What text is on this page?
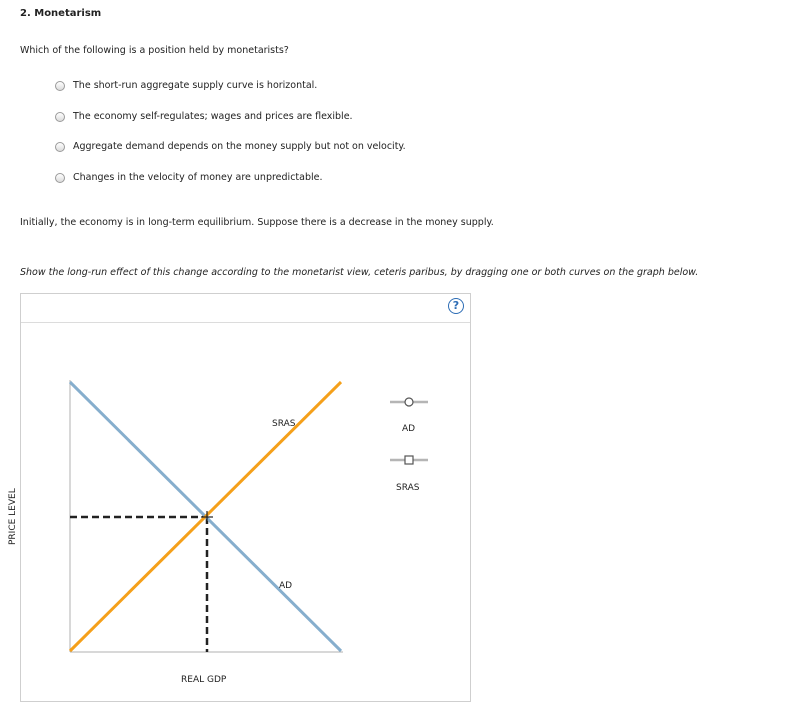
2. Monetarism
Which of the following is a position held by monetarists?
The short-run aggregate supply curve is horizontal.
The economy self-regulates; wages and prices are flexible.
Aggregate demand depends on the money supply but not on velocity.
Changes in the velocity of money are unpredictable.
Initially, the economy is in long-term equilibrium. Suppose there is a decrease in the money supply.
Show the long-run effect of this change according to the monetarist view, ceteris paribus, by dragging one or both curves on the graph below.
?
SRAS
AD
AD
SRAS
PRICE LEVEL
REAL GDP
